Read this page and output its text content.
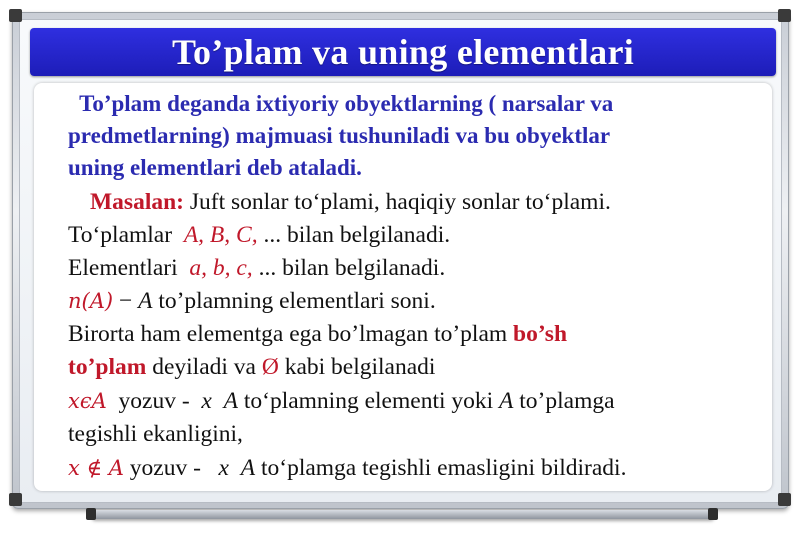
To’plam va uning elementlari
To’plam deganda ixtiyoriy obyektlarning ( narsalar va
predmetlarning) majmuasi tushuniladi va bu obyektlar
uning elementlari deb ataladi.
Masalan: Juft sonlar to‘plami, haqiqiy sonlar to‘plami.
To‘plamlar  A, B, C, ... bilan belgilanadi.
Elementlari  a, b, c, ... bilan belgilanadi.
n(A) − A to’plamning elementlari soni.
Birorta ham elementga ega bo’lmagan to’plam bo’sh
to’plam deyiladi va Ø kabi belgilanadi
xϵA  yozuv -  x A to‘plamning elementi yoki A to’plamga
tegishli ekanligini,
x ∉ A yozuv -   x A to‘plamga tegishli emasligini bildiradi.
